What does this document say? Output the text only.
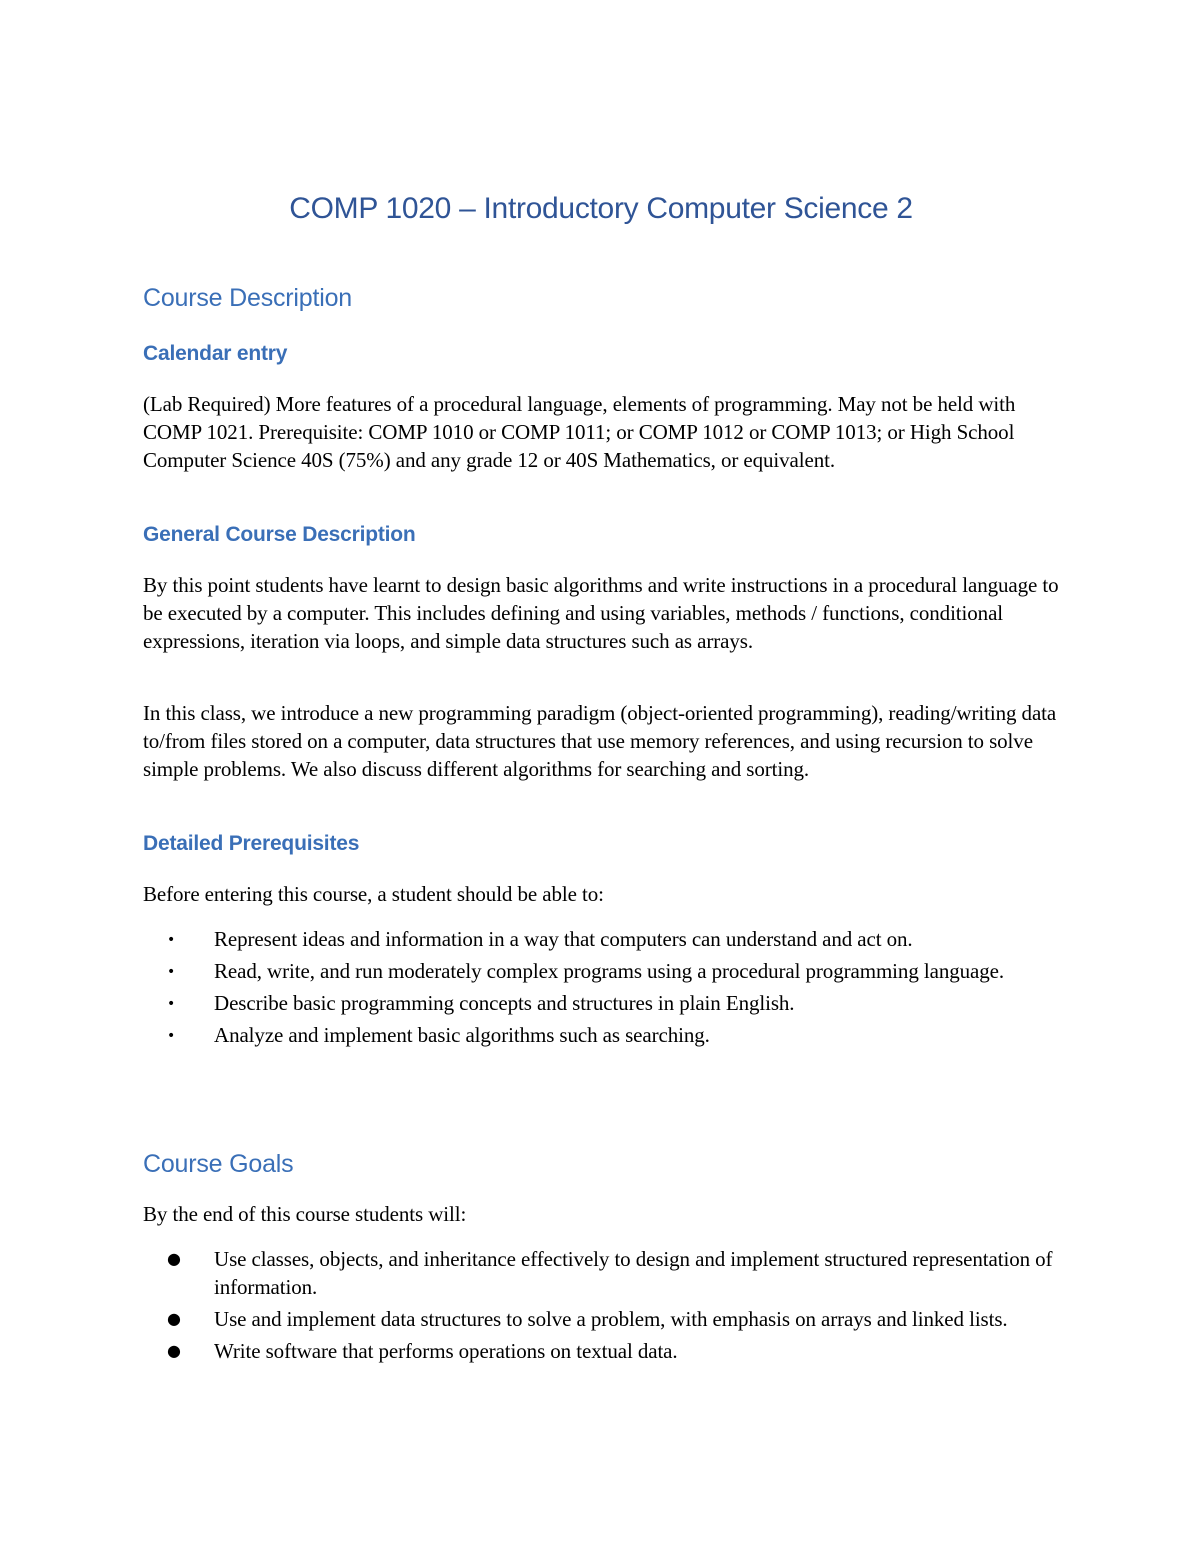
COMP 1020 – Introductory Computer Science 2
Course Description
Calendar entry

(Lab Required) More features of a procedural language, elements of programming. May not be held with COMP 1021. Prerequisite: COMP 1010 or COMP 1011; or COMP 1012 or COMP 1013; or High School Computer Science 40S (75%) and any grade 12 or 40S Mathematics, or equivalent.

General Course Description

By this point students have learnt to design basic algorithms and write instructions in a procedural language to be executed by a computer. This includes defining and using variables, methods / functions, conditional expressions, iteration via loops, and simple data structures such as arrays.

In this class, we introduce a new programming paradigm (object-oriented programming), reading/writing data to/from files stored on a computer, data structures that use memory references, and using recursion to solve simple problems. We also discuss different algorithms for searching and sorting.

Detailed Prerequisites

Before entering this course, a student should be able to:

• Represent ideas and information in a way that computers can understand and act on.
• Read, write, and run moderately complex programs using a procedural programming language.
• Describe basic programming concepts and structures in plain English.
• Analyze and implement basic algorithms such as searching.
Course Goals

By the end of this course students will:

● Use classes, objects, and inheritance effectively to design and implement structured representation of information.
● Use and implement data structures to solve a problem, with emphasis on arrays and linked lists.
● Write software that performs operations on textual data.
